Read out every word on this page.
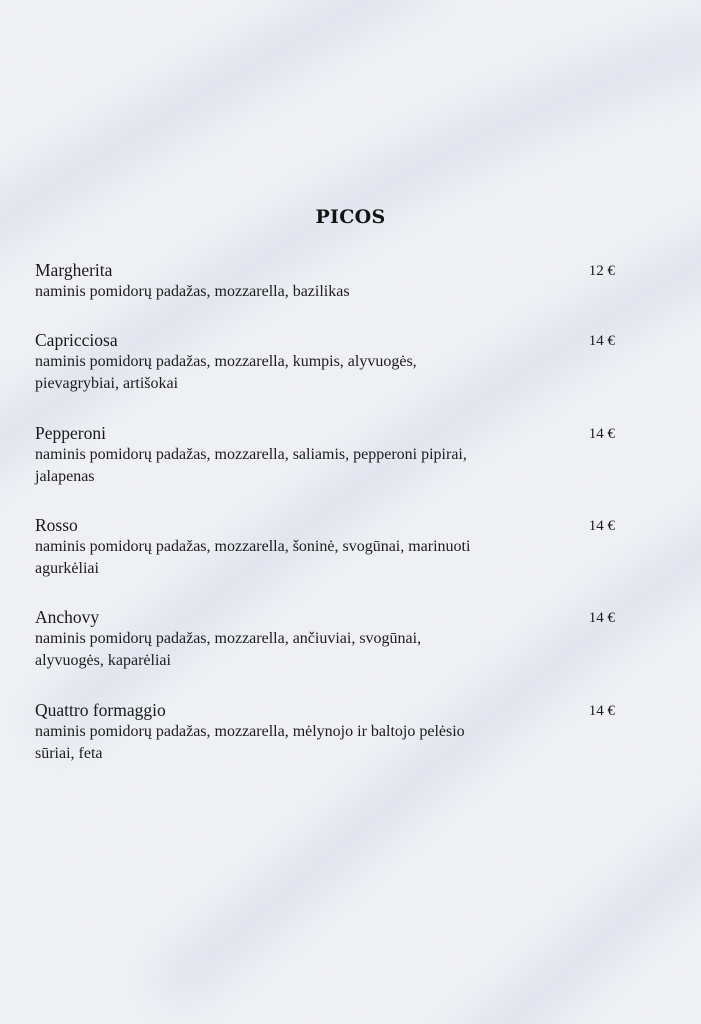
PICOS
Margherita	12 €
naminis pomidorų padažas, mozzarella, bazilikas
Capricciosa	14 €
naminis pomidorų padažas, mozzarella, kumpis, alyvuogės,
pievagrybiai, artišokai
Pepperoni	14 €
naminis pomidorų padažas, mozzarella, saliamis, pepperoni pipirai,
jalapenas
Rosso	14 €
naminis pomidorų padažas, mozzarella, šoninė, svogūnai, marinuoti
agurkėliai
Anchovy	14 €
naminis pomidorų padažas, mozzarella, ančiuviai, svogūnai,
alyvuogės, kaparėliai
Quattro formaggio	14 €
naminis pomidorų padažas, mozzarella, mėlynojo ir baltojo pelėsio
sūriai, feta
